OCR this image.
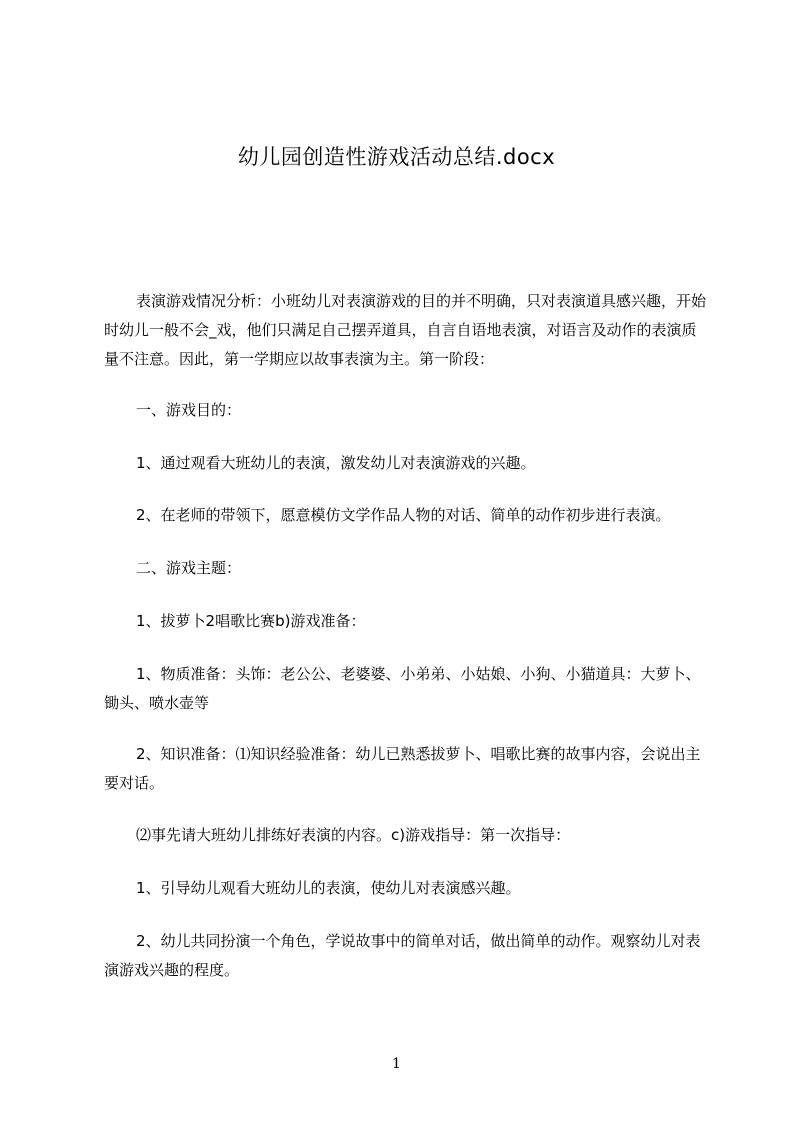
幼儿园创造性游戏活动总结.docx

表演游戏情况分析：小班幼儿对表演游戏的目的并不明确，只对表演道具感兴趣，开始时幼儿一般不会_戏，他们只满足自己摆弄道具，自言自语地表演，对语言及动作的表演质量不注意。因此，第一学期应以故事表演为主。第一阶段：

一、游戏目的：

1、通过观看大班幼儿的表演，激发幼儿对表演游戏的兴趣。

2、在老师的带领下，愿意模仿文学作品人物的对话、简单的动作初步进行表演。

二、游戏主题：

1、拔萝卜2唱歌比赛b)游戏准备：

1、物质准备：头饰：老公公、老婆婆、小弟弟、小姑娘、小狗、小猫道具：大萝卜、锄头、喷水壶等

2、知识准备：⑴知识经验准备：幼儿已熟悉拔萝卜、唱歌比赛的故事内容，会说出主要对话。

⑵事先请大班幼儿排练好表演的内容。c)游戏指导：第一次指导：

1、引导幼儿观看大班幼儿的表演，使幼儿对表演感兴趣。

2、幼儿共同扮演一个角色，学说故事中的简单对话，做出简单的动作。观察幼儿对表演游戏兴趣的程度。

1
